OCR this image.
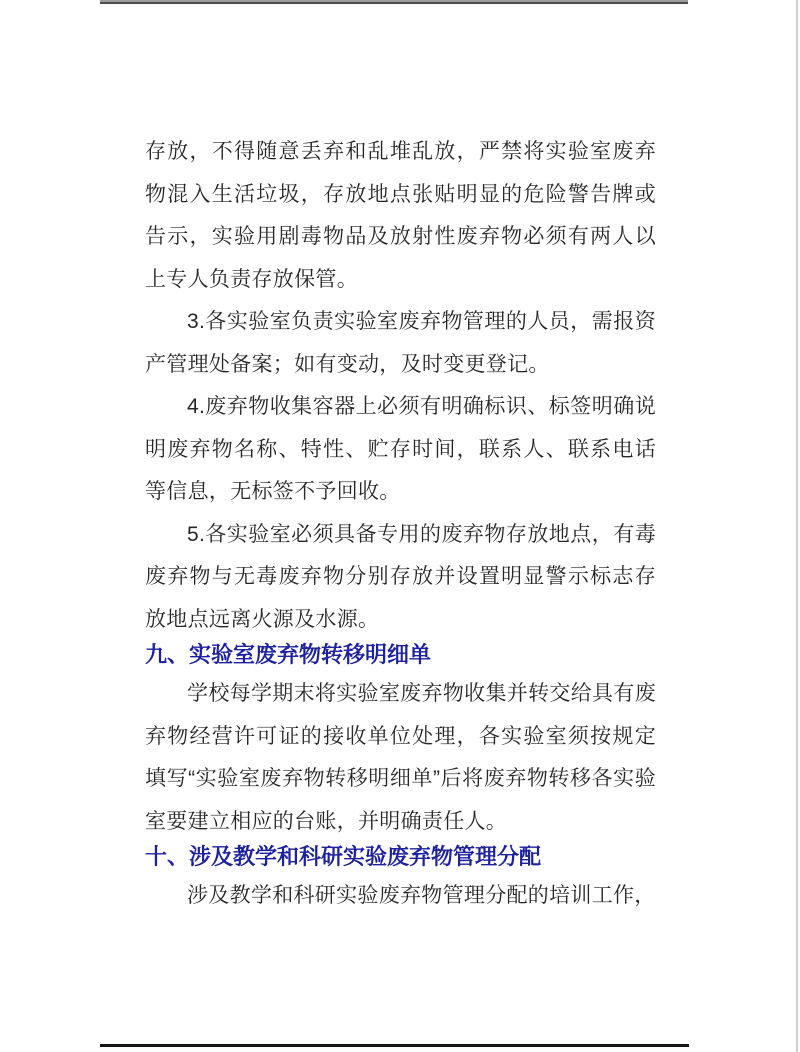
存放，不得随意丢弃和乱堆乱放，严禁将实验室废弃物混入生活垃圾，存放地点张贴明显的危险警告牌或告示，实验用剧毒物品及放射性废弃物必须有两人以上专人负责存放保管。

3.各实验室负责实验室废弃物管理的人员，需报资产管理处备案；如有变动，及时变更登记。

4.废弃物收集容器上必须有明确标识、标签明确说明废弃物名称、特性、贮存时间，联系人、联系电话等信息，无标签不予回收。

5.各实验室必须具备专用的废弃物存放地点，有毒废弃物与无毒废弃物分别存放并设置明显警示标志存放地点远离火源及水源。

九、实验室废弃物转移明细单

学校每学期末将实验室废弃物收集并转交给具有废弃物经营许可证的接收单位处理，各实验室须按规定填写“实验室废弃物转移明细单”后将废弃物转移各实验室要建立相应的台账，并明确责任人。

十、涉及教学和科研实验废弃物管理分配

涉及教学和科研实验废弃物管理分配的培训工作，
